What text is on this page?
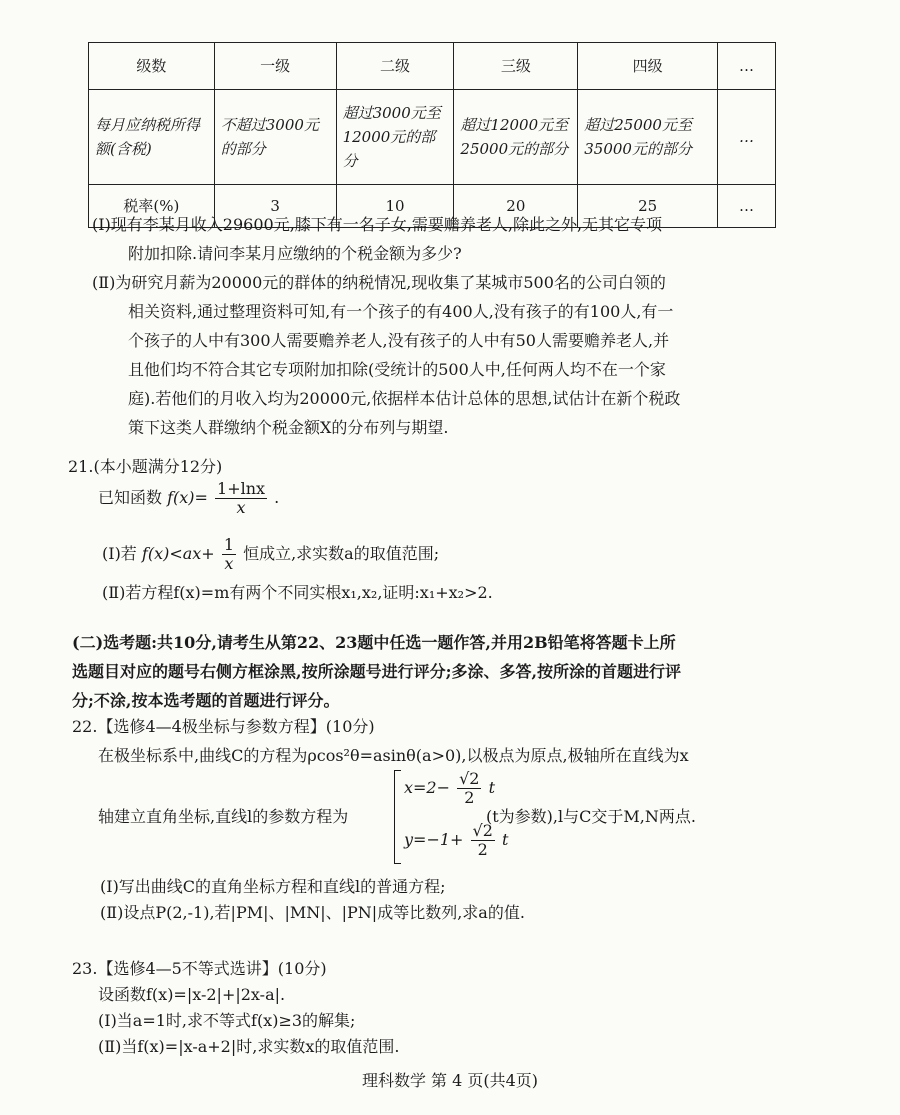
级数	一级	二级	三级	四级	…
每月应纳税所得额(含税)	不超过3000元的部分	超过3000元至12000元的部分	超过12000元至25000元的部分	超过25000元至35000元的部分	…
税率(%)	3	10	20	25	…
(Ⅰ)现有李某月收入29600元,膝下有一名子女,需要赡养老人,除此之外,无其它专项
附加扣除.请问李某月应缴纳的个税金额为多少?
(Ⅱ)为研究月薪为20000元的群体的纳税情况,现收集了某城市500名的公司白领的
相关资料,通过整理资料可知,有一个孩子的有400人,没有孩子的有100人,有一
个孩子的人中有300人需要赡养老人,没有孩子的人中有50人需要赡养老人,并
且他们均不符合其它专项附加扣除(受统计的500人中,任何两人均不在一个家
庭).若他们的月收入均为20000元,依据样本估计总体的思想,试估计在新个税政
策下这类人群缴纳个税金额X的分布列与期望.
21.(本小题满分12分)
已知函数 $f(x)= \frac{1+\ln x}{x}$ .
(Ⅰ)若 $f(x)<ax+ \frac{1}{x}$ 恒成立,求实数a的取值范围;
(Ⅱ)若方程f(x)=m有两个不同实根x₁,x₂,证明:x₁+x₂>2.
(二)选考题:共10分,请考生从第22、23题中任选一题作答,并用2B铅笔将答题卡上所
选题目对应的题号右侧方框涂黑,按所涂题号进行评分;多涂、多答,按所涂的首题进行评
分;不涂,按本选考题的首题进行评分。
22.【选修4—4极坐标与参数方程】(10分)
在极坐标系中,曲线C的方程为ρcos²θ=asinθ(a>0),以极点为原点,极轴所在直线为x
轴建立直角坐标,直线l的参数方程为
$x=2- \frac{√2}{2}$ t
$y=-1+ \frac{√2}{2}$ t
(t为参数),l与C交于M,N两点.
(Ⅰ)写出曲线C的直角坐标方程和直线l的普通方程;
(Ⅱ)设点P(2,-1),若|PM|、|MN|、|PN|成等比数列,求a的值.
23.【选修4—5不等式选讲】(10分)
设函数f(x)=|x-2|+|2x-a|.
(Ⅰ)当a=1时,求不等式f(x)≥3的解集;
(Ⅱ)当f(x)=|x-a+2|时,求实数x的取值范围.
理科数学 第 4 页(共4页)
